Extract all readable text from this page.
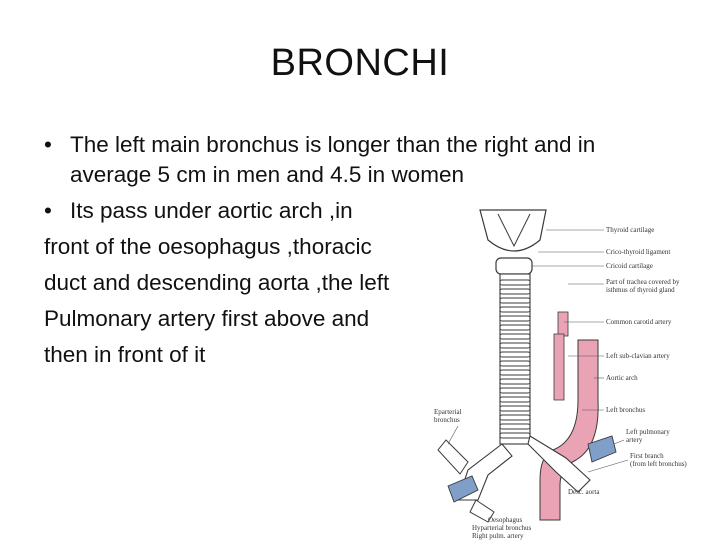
BRONCHI
• The left main bronchus is longer than the right and in
average 5 cm in men and 4.5 in women
• Its pass under aortic arch ,in
front of the oesophagus ,thoracic
duct and descending aorta ,the left
Pulmonary artery first above and
then in front of it
Thyroid cartilage
Crico-thyroid ligament
Cricoid cartilage
Part of trachea covered by
isthmus of thyroid gland
Common carotid artery
Left sub-clavian artery
Aortic arch
Left bronchus
Left pulmonary
artery
First branch
(from left bronchus)
Eparterial
bronchus
Desc. aorta
Oesophagus
Hyparterial bronchus
Right pulm. artery
